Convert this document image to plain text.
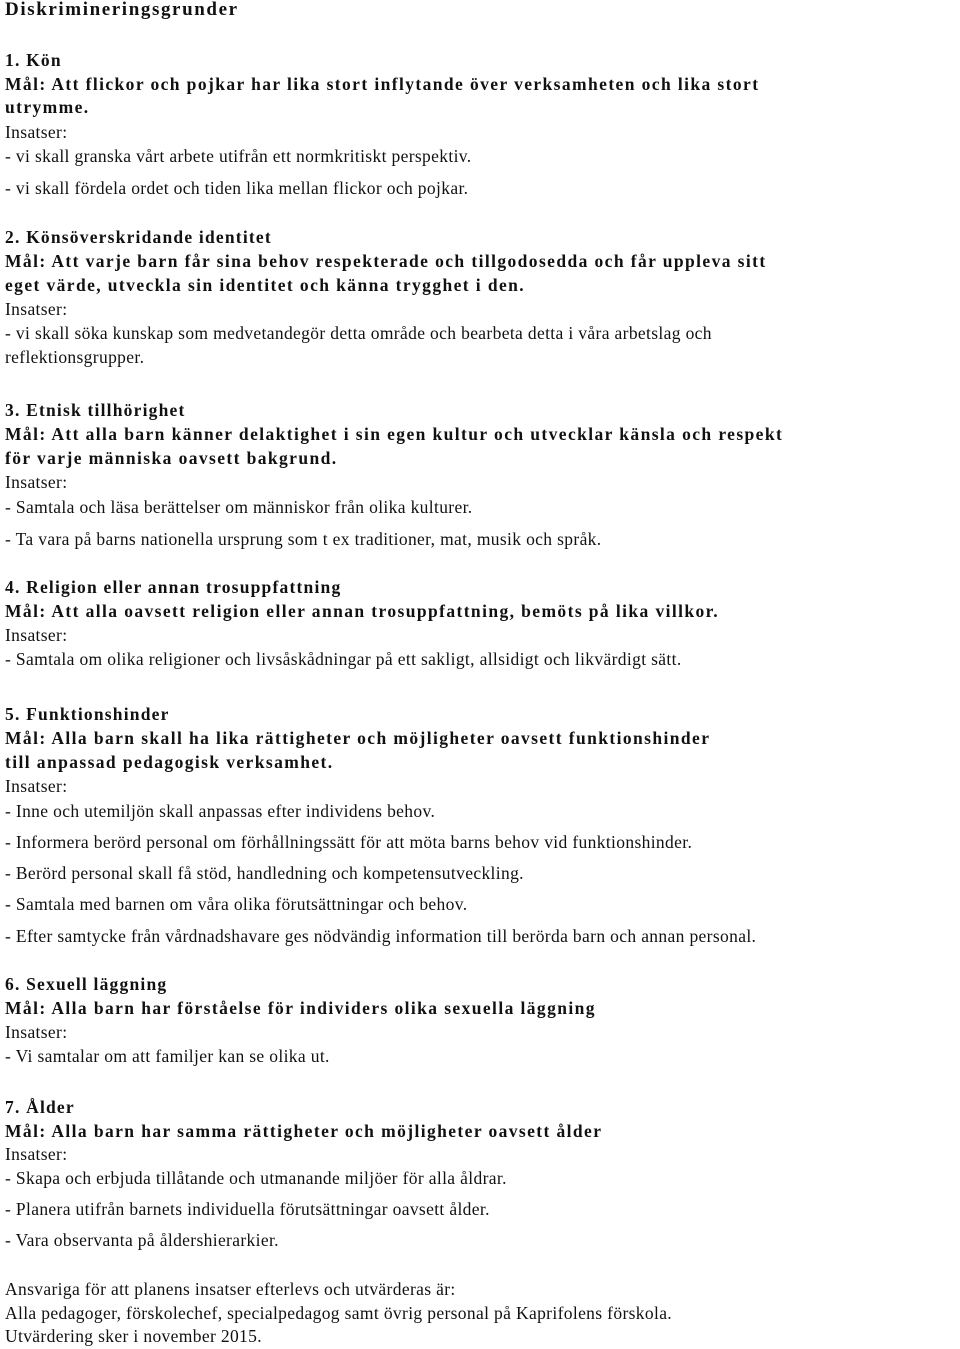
Diskrimineringsgrunder
1. Kön
Mål: Att flickor och pojkar har lika stort inflytande över verksamheten och lika stort
utrymme.
Insatser:
- vi skall granska vårt arbete utifrån ett normkritiskt perspektiv.
- vi skall fördela ordet och tiden lika mellan flickor och pojkar.
2. Könsöverskridande identitet
Mål: Att varje barn får sina behov respekterade och tillgodosedda och får uppleva sitt
eget värde, utveckla sin identitet och känna trygghet i den.
Insatser:
- vi skall söka kunskap som medvetandegör detta område och bearbeta detta i våra arbetslag och
reflektionsgrupper.
3. Etnisk tillhörighet
Mål: Att alla barn känner delaktighet i sin egen kultur och utvecklar känsla och respekt
för varje människa oavsett bakgrund.
Insatser:
- Samtala och läsa berättelser om människor från olika kulturer.
- Ta vara på barns nationella ursprung som t ex traditioner, mat, musik och språk.
4. Religion eller annan trosuppfattning
Mål: Att alla oavsett religion eller annan trosuppfattning, bemöts på lika villkor.
Insatser:
- Samtala om olika religioner och livsåskådningar på ett sakligt, allsidigt och likvärdigt sätt.
5. Funktionshinder
Mål: Alla barn skall ha lika rättigheter och möjligheter oavsett funktionshinder
till anpassad pedagogisk verksamhet.
Insatser:
- Inne och utemiljön skall anpassas efter individens behov.
- Informera berörd personal om förhållningssätt för att möta barns behov vid funktionshinder.
- Berörd personal skall få stöd, handledning och kompetensutveckling.
- Samtala med barnen om våra olika förutsättningar och behov.
- Efter samtycke från vårdnadshavare ges nödvändig information till berörda barn och annan personal.
6. Sexuell läggning
Mål: Alla barn har förståelse för individers olika sexuella läggning
Insatser:
- Vi samtalar om att familjer kan se olika ut.
7. Ålder
Mål: Alla barn har samma rättigheter och möjligheter oavsett ålder
Insatser:
- Skapa och erbjuda tillåtande och utmanande miljöer för alla åldrar.
- Planera utifrån barnets individuella förutsättningar oavsett ålder.
- Vara observanta på åldershierarkier.
Ansvariga för att planens insatser efterlevs och utvärderas är:
Alla pedagoger, förskolechef, specialpedagog samt övrig personal på Kaprifolens förskola.
Utvärdering sker i november 2015.
